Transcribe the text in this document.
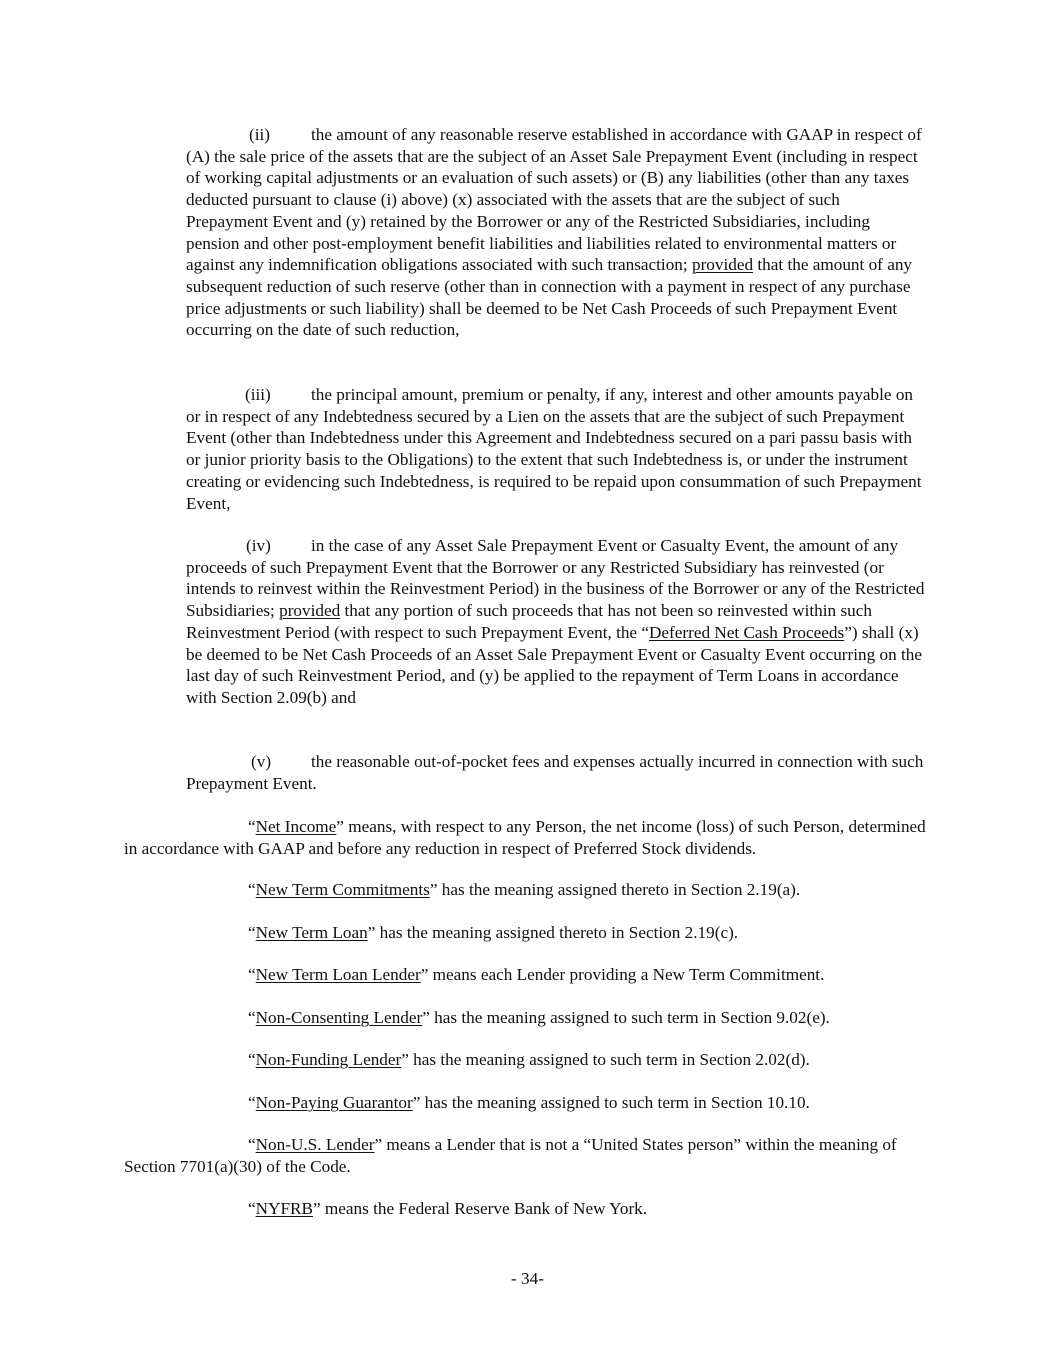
(ii) the amount of any reasonable reserve established in accordance with GAAP in respect of (A) the sale price of the assets that are the subject of an Asset Sale Prepayment Event (including in respect of working capital adjustments or an evaluation of such assets) or (B) any liabilities (other than any taxes deducted pursuant to clause (i) above) (x) associated with the assets that are the subject of such Prepayment Event and (y) retained by the Borrower or any of the Restricted Subsidiaries, including pension and other post-employment benefit liabilities and liabilities related to environmental matters or against any indemnification obligations associated with such transaction; provided that the amount of any subsequent reduction of such reserve (other than in connection with a payment in respect of any purchase price adjustments or such liability) shall be deemed to be Net Cash Proceeds of such Prepayment Event occurring on the date of such reduction,

(iii) the principal amount, premium or penalty, if any, interest and other amounts payable on or in respect of any Indebtedness secured by a Lien on the assets that are the subject of such Prepayment Event (other than Indebtedness under this Agreement and Indebtedness secured on a pari passu basis with or junior priority basis to the Obligations) to the extent that such Indebtedness is, or under the instrument creating or evidencing such Indebtedness, is required to be repaid upon consummation of such Prepayment Event,

(iv) in the case of any Asset Sale Prepayment Event or Casualty Event, the amount of any proceeds of such Prepayment Event that the Borrower or any Restricted Subsidiary has reinvested (or intends to reinvest within the Reinvestment Period) in the business of the Borrower or any of the Restricted Subsidiaries; provided that any portion of such proceeds that has not been so reinvested within such Reinvestment Period (with respect to such Prepayment Event, the “Deferred Net Cash Proceeds”) shall (x) be deemed to be Net Cash Proceeds of an Asset Sale Prepayment Event or Casualty Event occurring on the last day of such Reinvestment Period, and (y) be applied to the repayment of Term Loans in accordance with Section 2.09(b) and

(v) the reasonable out-of-pocket fees and expenses actually incurred in connection with such Prepayment Event.

“Net Income” means, with respect to any Person, the net income (loss) of such Person, determined in accordance with GAAP and before any reduction in respect of Preferred Stock dividends.

“New Term Commitments” has the meaning assigned thereto in Section 2.19(a).

“New Term Loan” has the meaning assigned thereto in Section 2.19(c).

“New Term Loan Lender” means each Lender providing a New Term Commitment.

“Non-Consenting Lender” has the meaning assigned to such term in Section 9.02(e).

“Non-Funding Lender” has the meaning assigned to such term in Section 2.02(d).

“Non-Paying Guarantor” has the meaning assigned to such term in Section 10.10.

“Non-U.S. Lender” means a Lender that is not a “United States person” within the meaning of Section 7701(a)(30) of the Code.

“NYFRB” means the Federal Reserve Bank of New York.

- 34-
